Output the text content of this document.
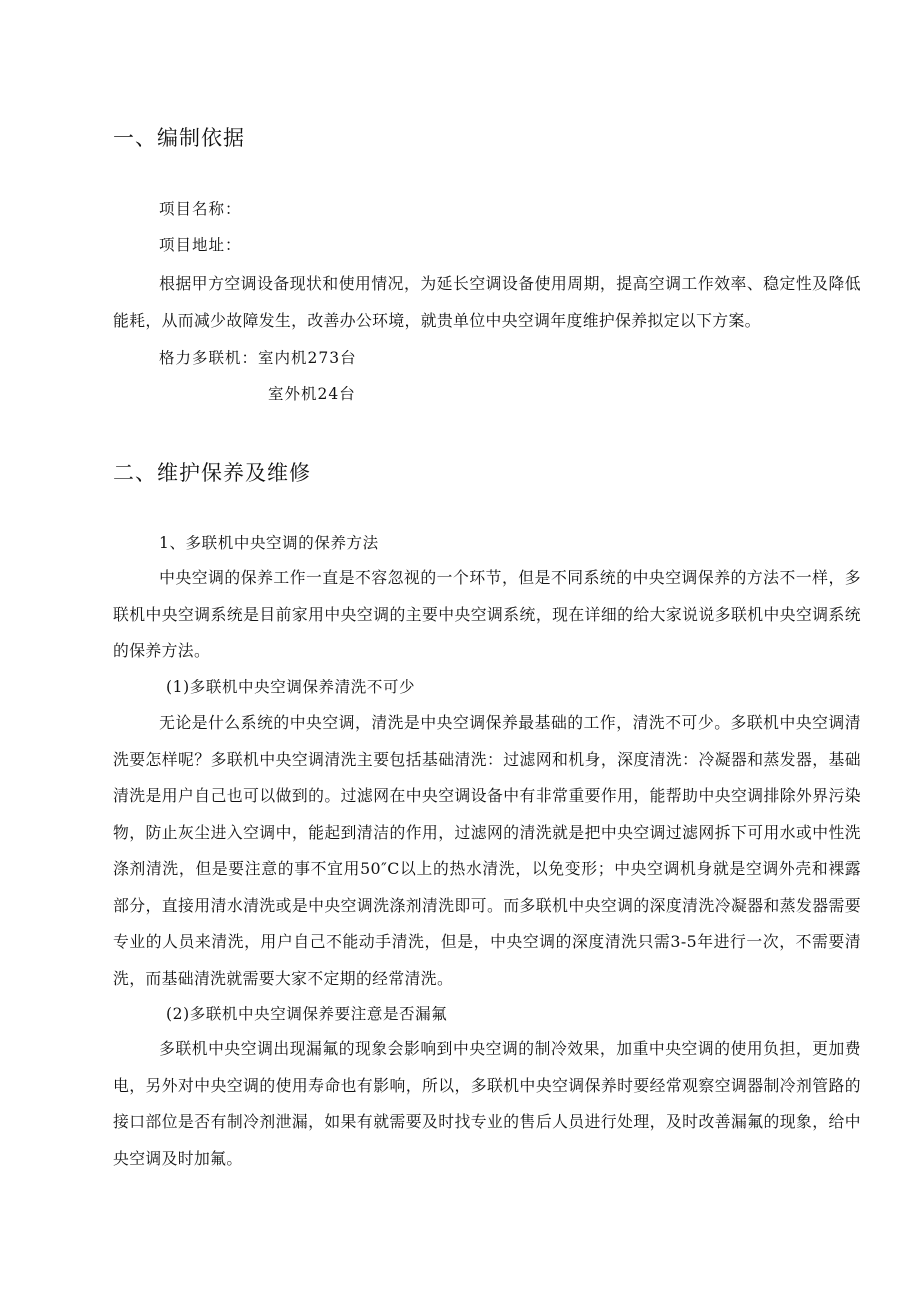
一、编制依据
项目名称：
项目地址：
根据甲方空调设备现状和使用情况，为延长空调设备使用周期，提高空调工作效率、稳定性及降低能耗，从而减少故障发生，改善办公环境，就贵单位中央空调年度维护保养拟定以下方案。
格力多联机：室内机273台
室外机24台
二、维护保养及维修
1、多联机中央空调的保养方法
中央空调的保养工作一直是不容忽视的一个环节，但是不同系统的中央空调保养的方法不一样，多联机中央空调系统是目前家用中央空调的主要中央空调系统，现在详细的给大家说说多联机中央空调系统的保养方法。
(1)多联机中央空调保养清洗不可少
无论是什么系统的中央空调，清洗是中央空调保养最基础的工作，清洗不可少。多联机中央空调清洗要怎样呢？多联机中央空调清洗主要包括基础清洗：过滤网和机身，深度清洗：冷凝器和蒸发器，基础清洗是用户自己也可以做到的。过滤网在中央空调设备中有非常重要作用，能帮助中央空调排除外界污染物，防止灰尘进入空调中，能起到清洁的作用，过滤网的清洗就是把中央空调过滤网拆下可用水或中性洗涤剂清洗，但是要注意的事不宜用50″C以上的热水清洗，以免变形；中央空调机身就是空调外壳和裸露部分，直接用清水清洗或是中央空调洗涤剂清洗即可。而多联机中央空调的深度清洗冷凝器和蒸发器需要专业的人员来清洗，用户自己不能动手清洗，但是，中央空调的深度清洗只需3-5年进行一次，不需要清洗，而基础清洗就需要大家不定期的经常清洗。
(2)多联机中央空调保养要注意是否漏氟
多联机中央空调出现漏氟的现象会影响到中央空调的制冷效果，加重中央空调的使用负担，更加费电，另外对中央空调的使用寿命也有影响，所以，多联机中央空调保养时要经常观察空调器制冷剂管路的接口部位是否有制冷剂泄漏，如果有就需要及时找专业的售后人员进行处理，及时改善漏氟的现象，给中央空调及时加氟。
